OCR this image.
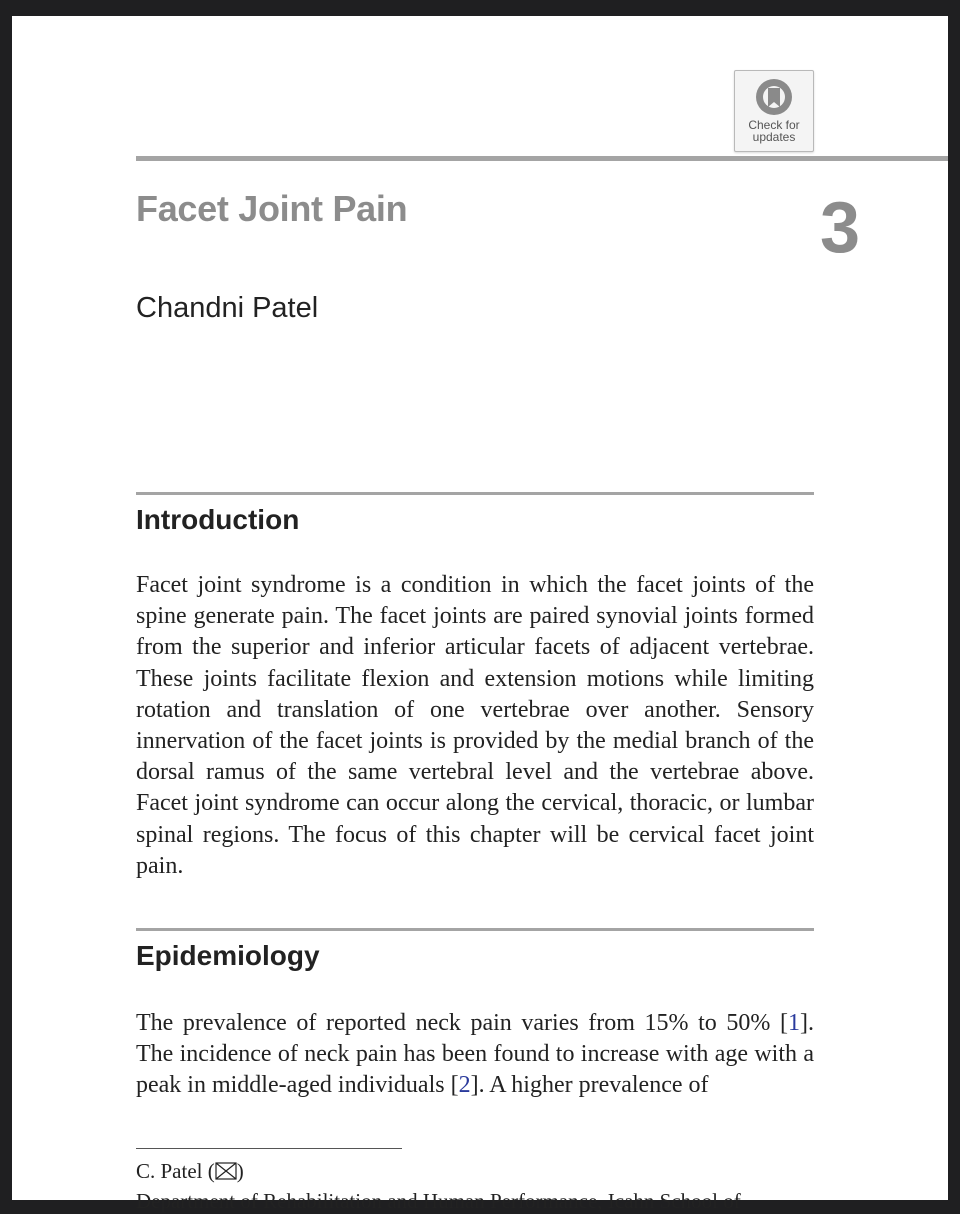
Check for
updates
Facet Joint Pain	3
Chandni Patel
Introduction

Facet joint syndrome is a condition in which the facet joints of the spine generate pain. The facet joints are paired synovial joints formed from the superior and inferior articular facets of adjacent vertebrae. These joints facilitate flexion and extension motions while limiting rotation and translation of one vertebrae over another. Sensory innervation of the facet joints is provided by the medial branch of the dorsal ramus of the same vertebral level and the vertebrae above. Facet joint syndrome can occur along the cervical, thoracic, or lumbar spinal regions. The focus of this chapter will be cervical facet joint pain.

Epidemiology

The prevalence of reported neck pain varies from 15% to 50% [1]. The incidence of neck pain has been found to increase with age with a peak in middle-aged individuals [2]. A higher prevalence of

C. Patel ( )
Department of Rehabilitation and Human Performance, Icahn School of
